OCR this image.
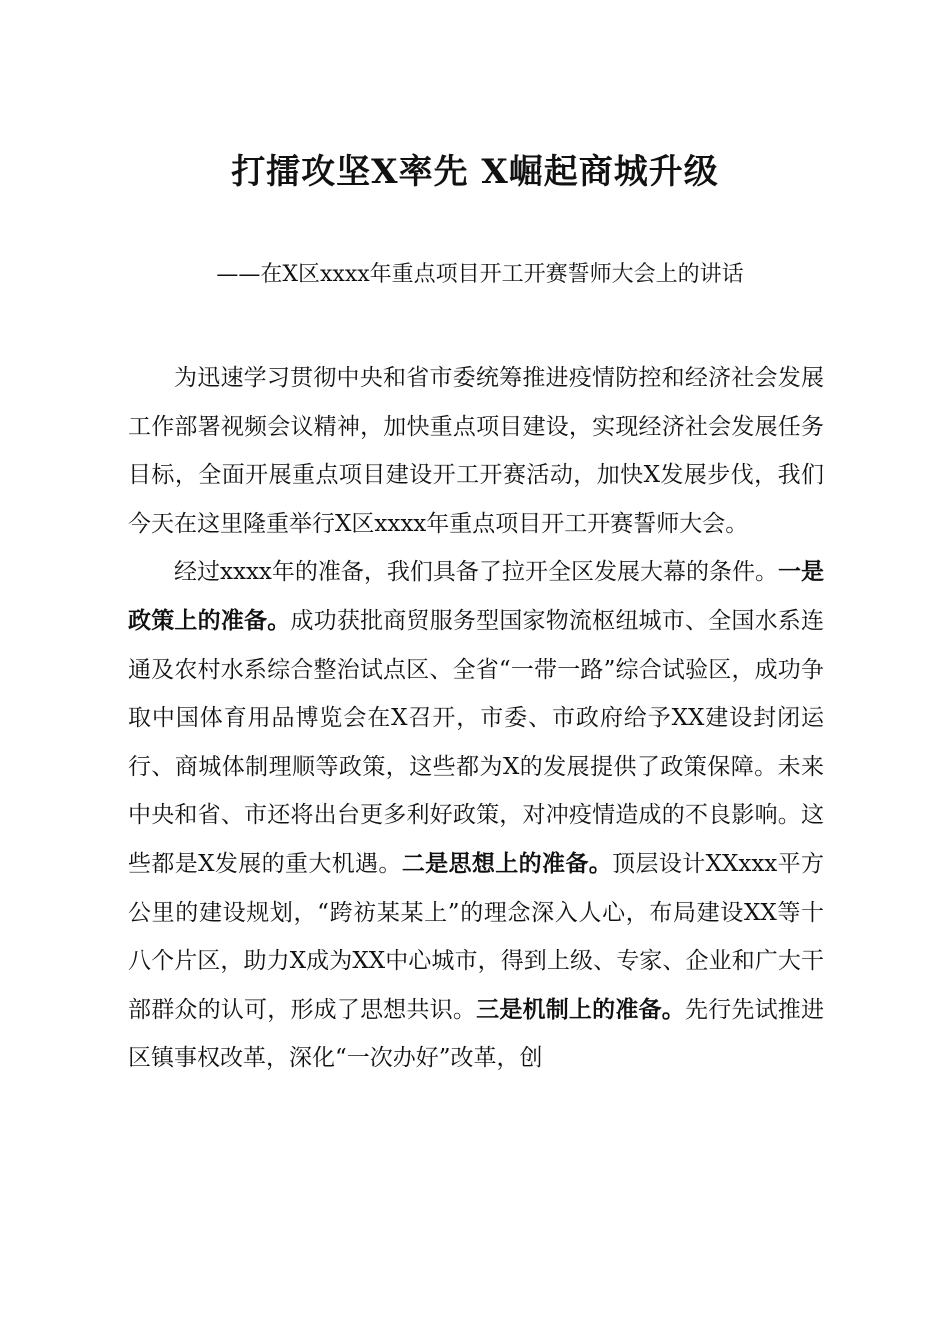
打擂攻坚X率先 X崛起商城升级

——在X区xxxx年重点项目开工开赛誓师大会上的讲话

为迅速学习贯彻中央和省市委统筹推进疫情防控和经济社会发展工作部署视频会议精神，加快重点项目建设，实现经济社会发展任务目标，全面开展重点项目建设开工开赛活动，加快X发展步伐，我们今天在这里隆重举行X区xxxx年重点项目开工开赛誓师大会。

经过xxxx年的准备，我们具备了拉开全区发展大幕的条件。一是政策上的准备。成功获批商贸服务型国家物流枢纽城市、全国水系连通及农村水系综合整治试点区、全省“一带一路”综合试验区，成功争取中国体育用品博览会在X召开，市委、市政府给予XX建设封闭运行、商城体制理顺等政策，这些都为X的发展提供了政策保障。未来中央和省、市还将出台更多利好政策，对冲疫情造成的不良影响。这些都是X发展的重大机遇。二是思想上的准备。顶层设计XXxxx平方公里的建设规划，“跨祊某某上”的理念深入人心，布局建设XX等十八个片区，助力X成为XX中心城市，得到上级、专家、企业和广大干部群众的认可，形成了思想共识。三是机制上的准备。先行先试推进区镇事权改革，深化“一次办好”改革，创
